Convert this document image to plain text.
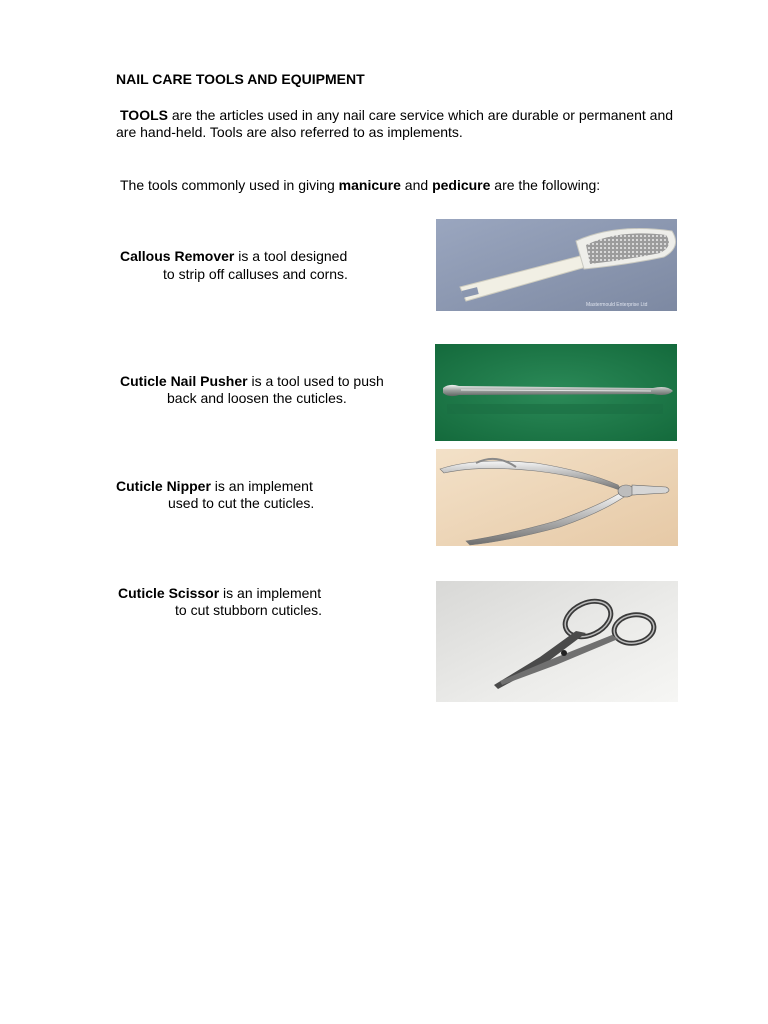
NAIL CARE TOOLS AND EQUIPMENT
TOOLS are the articles used in any nail care service which are durable or permanent and
are hand-held. Tools are also referred to as implements.
The tools commonly used in giving manicure and pedicure are the following:
Callous Remover is a tool designed
to strip off calluses and corns.
Mastermould Enterprise Ltd
Cuticle Nail Pusher is a tool used to push
back and loosen the cuticles.
Cuticle Nipper is an implement
used to cut the cuticles.
Cuticle Scissor is an implement
to cut stubborn cuticles.
